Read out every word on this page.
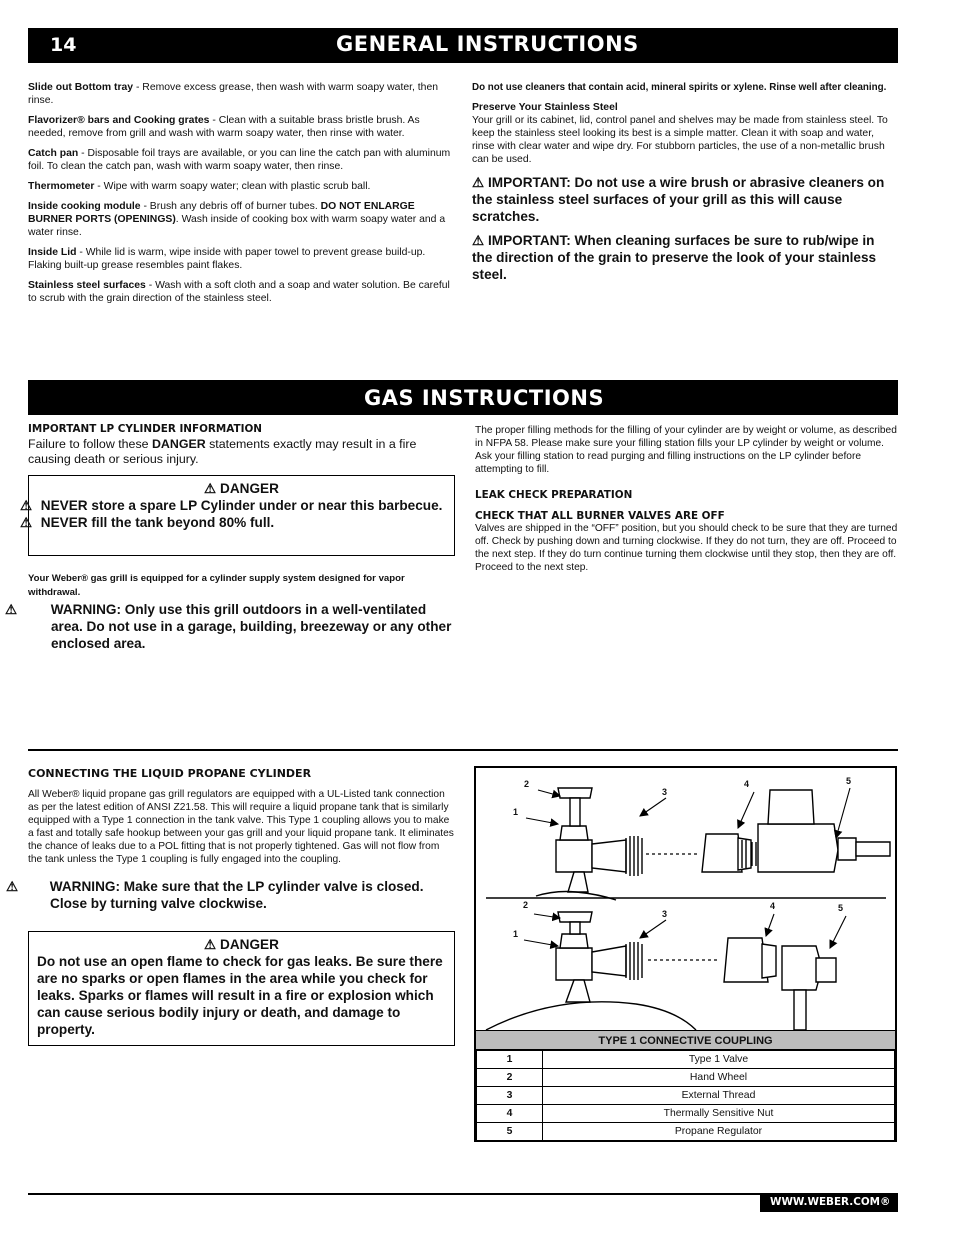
14	GENERAL INSTRUCTIONS

Slide out Bottom tray - Remove excess grease, then wash with warm soapy water, then rinse.

Flavorizer® bars and Cooking grates - Clean with a suitable brass bristle brush. As needed, remove from grill and wash with warm soapy water, then rinse with water.

Catch pan - Disposable foil trays are available, or you can line the catch pan with aluminum foil. To clean the catch pan, wash with warm soapy water, then rinse.

Thermometer - Wipe with warm soapy water; clean with plastic scrub ball.

Inside cooking module - Brush any debris off of burner tubes. DO NOT ENLARGE BURNER PORTS (OPENINGS). Wash inside of cooking box with warm soapy water and a water rinse.

Inside Lid - While lid is warm, wipe inside with paper towel to prevent grease build-up. Flaking built-up grease resembles paint flakes.

Stainless steel surfaces - Wash with a soft cloth and a soap and water solution. Be careful to scrub with the grain direction of the stainless steel.

Do not use cleaners that contain acid, mineral spirits or xylene. Rinse well after cleaning.

Preserve Your Stainless Steel

Your grill or its cabinet, lid, control panel and shelves may be made from stainless steel. To keep the stainless steel looking its best is a simple matter. Clean it with soap and water, rinse with clear water and wipe dry. For stubborn particles, the use of a non-metallic brush can be used.

⚠ IMPORTANT: Do not use a wire brush or abrasive cleaners on the stainless steel surfaces of your grill as this will cause scratches.

⚠ IMPORTANT: When cleaning surfaces be sure to rub/wipe in the direction of the grain to preserve the look of your stainless steel.

GAS INSTRUCTIONS

IMPORTANT LP CYLINDER INFORMATION

Failure to follow these DANGER statements exactly may result in a fire causing death or serious injury.

⚠ DANGER

⚠ NEVER store a spare LP Cylinder under or near this barbecue.

⚠ NEVER fill the tank beyond 80% full.

Your Weber® gas grill is equipped for a cylinder supply system designed for vapor withdrawal.

⚠ WARNING: Only use this grill outdoors in a well-ventilated area. Do not use in a garage, building, breezeway or any other enclosed area.

The proper filling methods for the filling of your cylinder are by weight or volume, as described in NFPA 58. Please make sure your filling station fills your LP cylinder by weight or volume. Ask your filling station to read purging and filling instructions on the LP cylinder before attempting to fill.

LEAK CHECK PREPARATION

CHECK THAT ALL BURNER VALVES ARE OFF

Valves are shipped in the “OFF” position, but you should check to be sure that they are turned off. Check by pushing down and turning clockwise. If they do not turn, they are off. Proceed to the next step. If they do turn continue turning them clockwise until they stop, then they are off. Proceed to the next step.

CONNECTING THE LIQUID PROPANE CYLINDER

All Weber® liquid propane gas grill regulators are equipped with a UL-Listed tank connection as per the latest edition of ANSI Z21.58. This will require a liquid propane tank that is similarly equipped with a Type 1 connection in the tank valve. This Type 1 coupling allows you to make a fast and totally safe hookup between your gas grill and your liquid propane tank. It eliminates the chance of leaks due to a POL fitting that is not properly tightened. Gas will not flow from the tank unless the Type 1 coupling is fully engaged into the coupling.

⚠ WARNING: Make sure that the LP cylinder valve is closed. Close by turning valve clockwise.

⚠ DANGER

Do not use an open flame to check for gas leaks. Be sure there are no sparks or open flames in the area while you check for leaks. Sparks or flames will result in a fire or explosion which can cause serious bodily injury or death, and damage to property.

2
3
4	5
1
2
3
4	5
1
TYPE 1 CONNECTIVE COUPLING
1	Type 1 Valve
2	Hand Wheel
3	External Thread
4	Thermally Sensitive Nut
5	Propane Regulator
WWW.WEBER.COM®
